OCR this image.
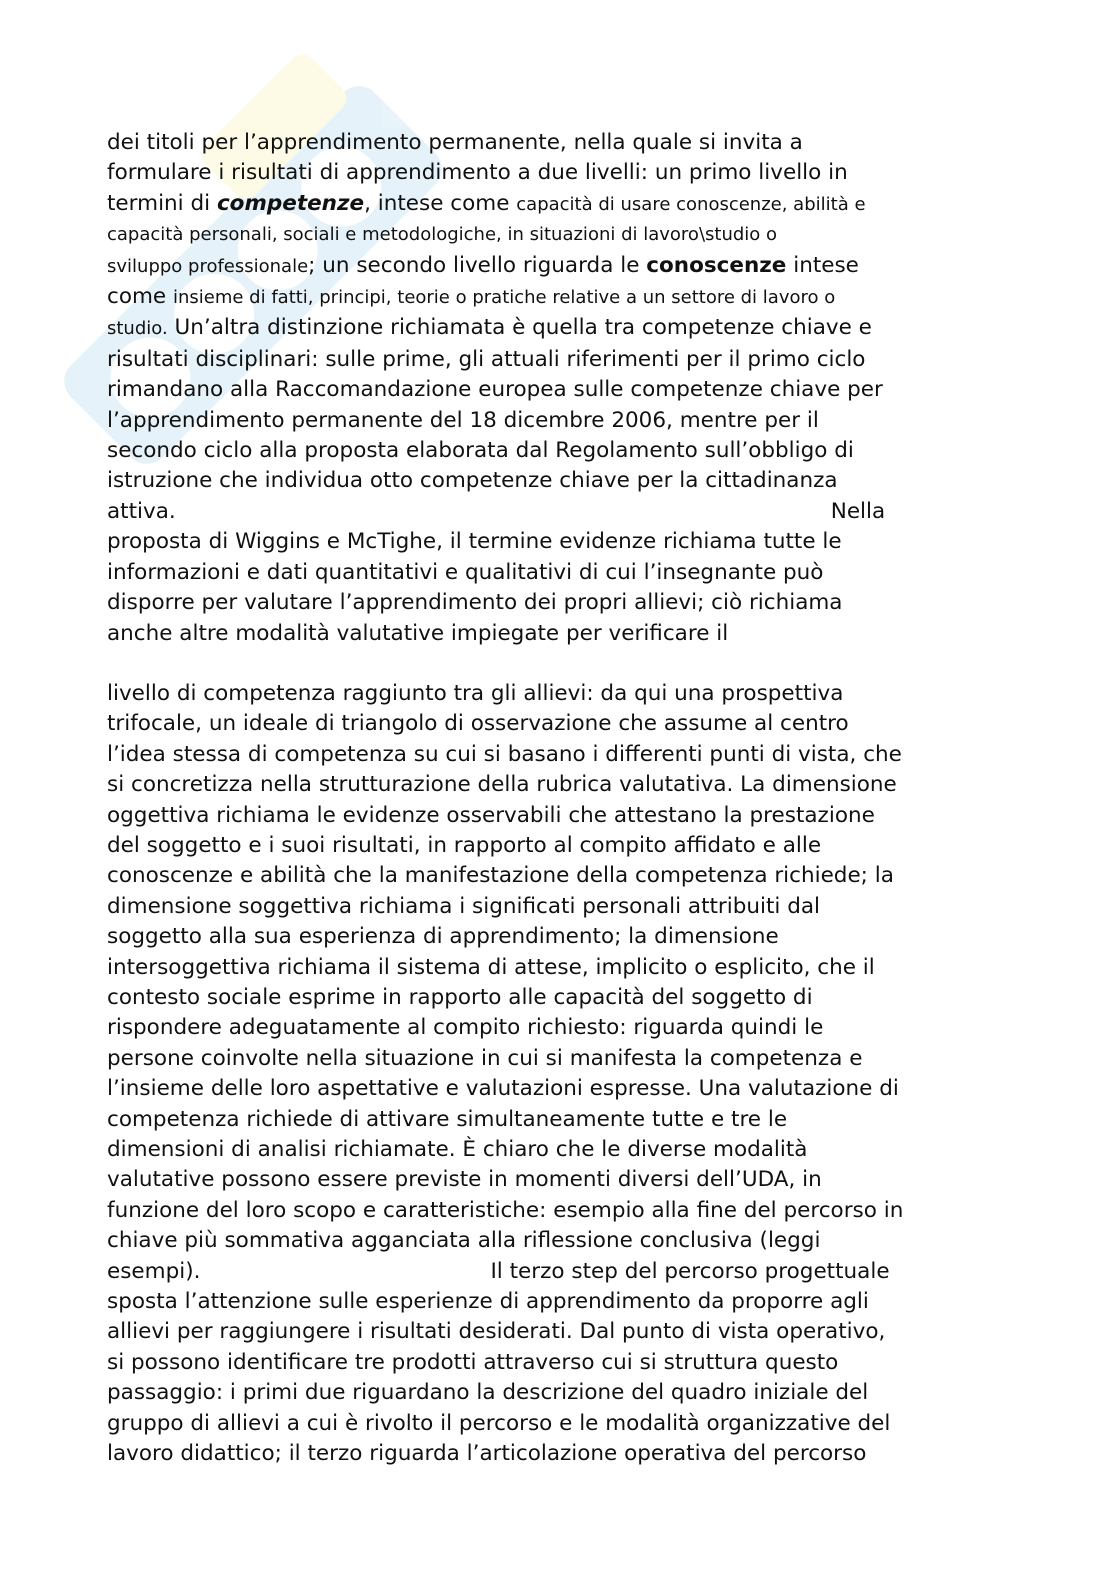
dei titoli per l’apprendimento permanente, nella quale si invita a
formulare i risultati di apprendimento a due livelli: un primo livello in
termini di competenze, intese come capacità di usare conoscenze, abilità e
capacità personali, sociali e metodologiche, in situazioni di lavoro\studio o
sviluppo professionale; un secondo livello riguarda le conoscenze intese
come insieme di fatti, principi, teorie o pratiche relative a un settore di lavoro o
studio. Un’altra distinzione richiamata è quella tra competenze chiave e
risultati disciplinari: sulle prime, gli attuali riferimenti per il primo ciclo
rimandano alla Raccomandazione europea sulle competenze chiave per
l’apprendimento permanente del 18 dicembre 2006, mentre per il
secondo ciclo alla proposta elaborata dal Regolamento sull’obbligo di
istruzione che individua otto competenze chiave per la cittadinanza
attiva.	Nella
proposta di Wiggins e McTighe, il termine evidenze richiama tutte le
informazioni e dati quantitativi e qualitativi di cui l’insegnante può
disporre per valutare l’apprendimento dei propri allievi; ciò richiama
anche altre modalità valutative impiegate per verificare il
livello di competenza raggiunto tra gli allievi: da qui una prospettiva
trifocale, un ideale di triangolo di osservazione che assume al centro
l’idea stessa di competenza su cui si basano i differenti punti di vista, che
si concretizza nella strutturazione della rubrica valutativa. La dimensione
oggettiva richiama le evidenze osservabili che attestano la prestazione
del soggetto e i suoi risultati, in rapporto al compito affidato e alle
conoscenze e abilità che la manifestazione della competenza richiede; la
dimensione soggettiva richiama i significati personali attribuiti dal
soggetto alla sua esperienza di apprendimento; la dimensione
intersoggettiva richiama il sistema di attese, implicito o esplicito, che il
contesto sociale esprime in rapporto alle capacità del soggetto di
rispondere adeguatamente al compito richiesto: riguarda quindi le
persone coinvolte nella situazione in cui si manifesta la competenza e
l’insieme delle loro aspettative e valutazioni espresse. Una valutazione di
competenza richiede di attivare simultaneamente tutte e tre le
dimensioni di analisi richiamate. È chiaro che le diverse modalità
valutative possono essere previste in momenti diversi dell’UDA, in
funzione del loro scopo e caratteristiche: esempio alla fine del percorso in
chiave più sommativa agganciata alla riflessione conclusiva (leggi
esempi).	Il terzo step del percorso progettuale
sposta l’attenzione sulle esperienze di apprendimento da proporre agli
allievi per raggiungere i risultati desiderati. Dal punto di vista operativo,
si possono identificare tre prodotti attraverso cui si struttura questo
passaggio: i primi due riguardano la descrizione del quadro iniziale del
gruppo di allievi a cui è rivolto il percorso e le modalità organizzative del
lavoro didattico; il terzo riguarda l’articolazione operativa del percorso
